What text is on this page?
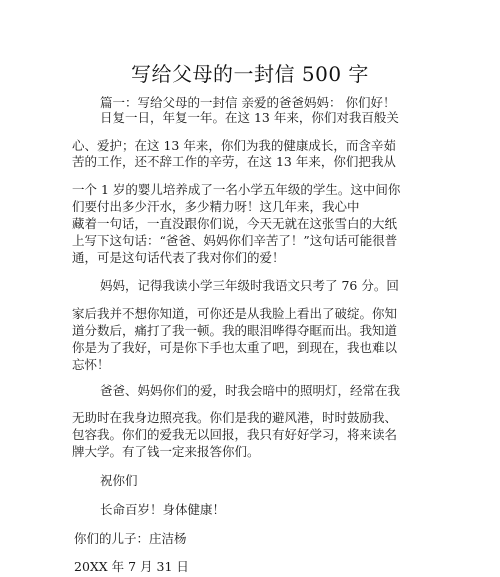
写给父母的一封信 500 字
篇一：写给父母的一封信 亲爱的爸爸妈妈： 你们好！
日复一日，年复一年。在这 13 年来，你们对我百般关
心、爱护；在这 13 年来，你们为我的健康成长，而含辛茹
苦的工作，还不辞工作的辛劳，在这 13 年来，你们把我从
一个 1 岁的婴儿培养成了一名小学五年级的学生。这中间你
们要付出多少汗水，多少精力呀！这几年来，我心中
藏着一句话，一直没跟你们说，今天无就在这张雪白的大纸
上写下这句话：“爸爸、妈妈你们辛苦了！”这句话可能很普
通，可是这句话代表了我对你们的爱！
妈妈，记得我读小学三年级时我语文只考了 76 分。回
家后我并不想你知道，可你还是从我脸上看出了破绽。你知
道分数后，痛打了我一顿。我的眼泪哗得夺眶而出。我知道
你是为了我好，可是你下手也太重了吧，到现在，我也难以
忘怀！
爸爸、妈妈你们的爱，时我会暗中的照明灯，经常在我
无助时在我身边照亮我。你们是我的避风港，时时鼓励我、
包容我。你们的爱我无以回报，我只有好好学习，将来读名
牌大学。有了钱一定来报答你们。
祝你们
长命百岁！身体健康！
你们的儿子：庄洁杨
20XX 年 7 月 31 日
